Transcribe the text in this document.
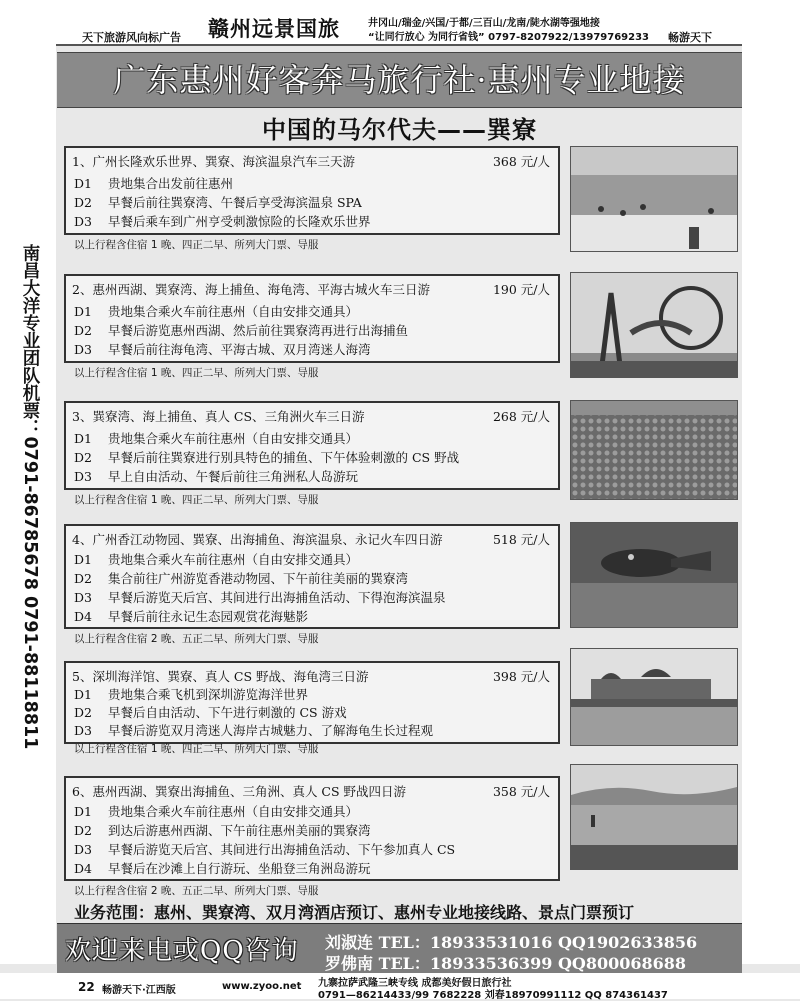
天下旅游风向标广告 赣州远景国旅	井冈山/瑞金/兴国/于都/三百山/龙南/陡水湖等强地接
“让同行放心 为同行省钱” 0797-8207922/13979769233 畅游天下
南昌大洋专业团队机票：0791-86785678 0791-88118811
广东惠州好客奔马旅行社·惠州专业地接
中国的马尔代夫——巽寮
1、广州长隆欢乐世界、巽寮、海滨温泉汽车三天游	368 元/人
D1 贵地集合出发前往惠州
D2 早餐后前往巽寮湾、午餐后享受海滨温泉 SPA
D3 早餐后乘车到广州亨受刺激惊险的长隆欢乐世界
以上行程含住宿 1 晚、四正二早、所列大门票、导服
2、惠州西湖、巽寮湾、海上捕鱼、海龟湾、平海古城火车三日游	190 元/人
D1 贵地集合乘火车前往惠州（自由安排交通具）
D2 早餐后游览惠州西湖、然后前往巽寮湾再进行出海捕鱼
D3 早餐后前往海龟湾、平海古城、双月湾迷人海湾
以上行程含住宿 1 晚、四正二早、所列大门票、导服
3、巽寮湾、海上捕鱼、真人 CS、三角洲火车三日游	268 元/人
D1 贵地集合乘火车前往惠州（自由安排交通具）
D2 早餐后前往巽寮进行别具特色的捕鱼、下午体验刺激的 CS 野战
D3 早上自由活动、午餐后前往三角洲私人岛游玩
以上行程含住宿 1 晚、四正二早、所列大门票、导服
4、广州香江动物园、巽寮、出海捕鱼、海滨温泉、永记火车四日游	518 元/人
D1 贵地集合乘火车前往惠州（自由安排交通具）
D2 集合前往广州游览香港动物园、下午前往美丽的巽寮湾
D3 早餐后游览天后宫、其间进行出海捕鱼活动、下得泡海滨温泉
D4 早餐后前往永记生态园观赏花海魅影
以上行程含住宿 2 晚、五正二早、所列大门票、导服
5、深圳海洋馆、巽寮、真人 CS 野战、海龟湾三日游	398 元/人
D1 贵地集合乘飞机到深圳游览海洋世界
D2 早餐后自由活动、下午进行刺激的 CS 游戏
D3 早餐后游览双月湾迷人海岸古城魅力、了解海龟生长过程观
以上行程含住宿 1 晚、四正二早、所列大门票、导服
6、惠州西湖、巽寮出海捕鱼、三角洲、真人 CS 野战四日游	358 元/人
D1 贵地集合乘火车前往惠州（自由安排交通具）
D2 到达后游惠州西湖、下午前往惠州美丽的巽寮湾
D3 早餐后游览天后宫、其间进行出海捕鱼活动、下午参加真人 CS
D4 早餐后在沙滩上自行游玩、坐船登三角洲岛游玩
以上行程含住宿 2 晚、五正二早、所列大门票、导服
业务范围：惠州、巽寮湾、双月湾酒店预订、惠州专业地接线路、景点门票预订
欢迎来电或QQ咨询 刘淑连 TEL：18933531016 QQ1902633856
罗佛南 TEL：18933536399 QQ800068688
22 畅游天下·江西版	www.zyoo.net 九寨拉萨武隆三峡专线 成都美好假日旅行社
0791—86214433/99 7682228 刘春18970991112 QQ 874361437
